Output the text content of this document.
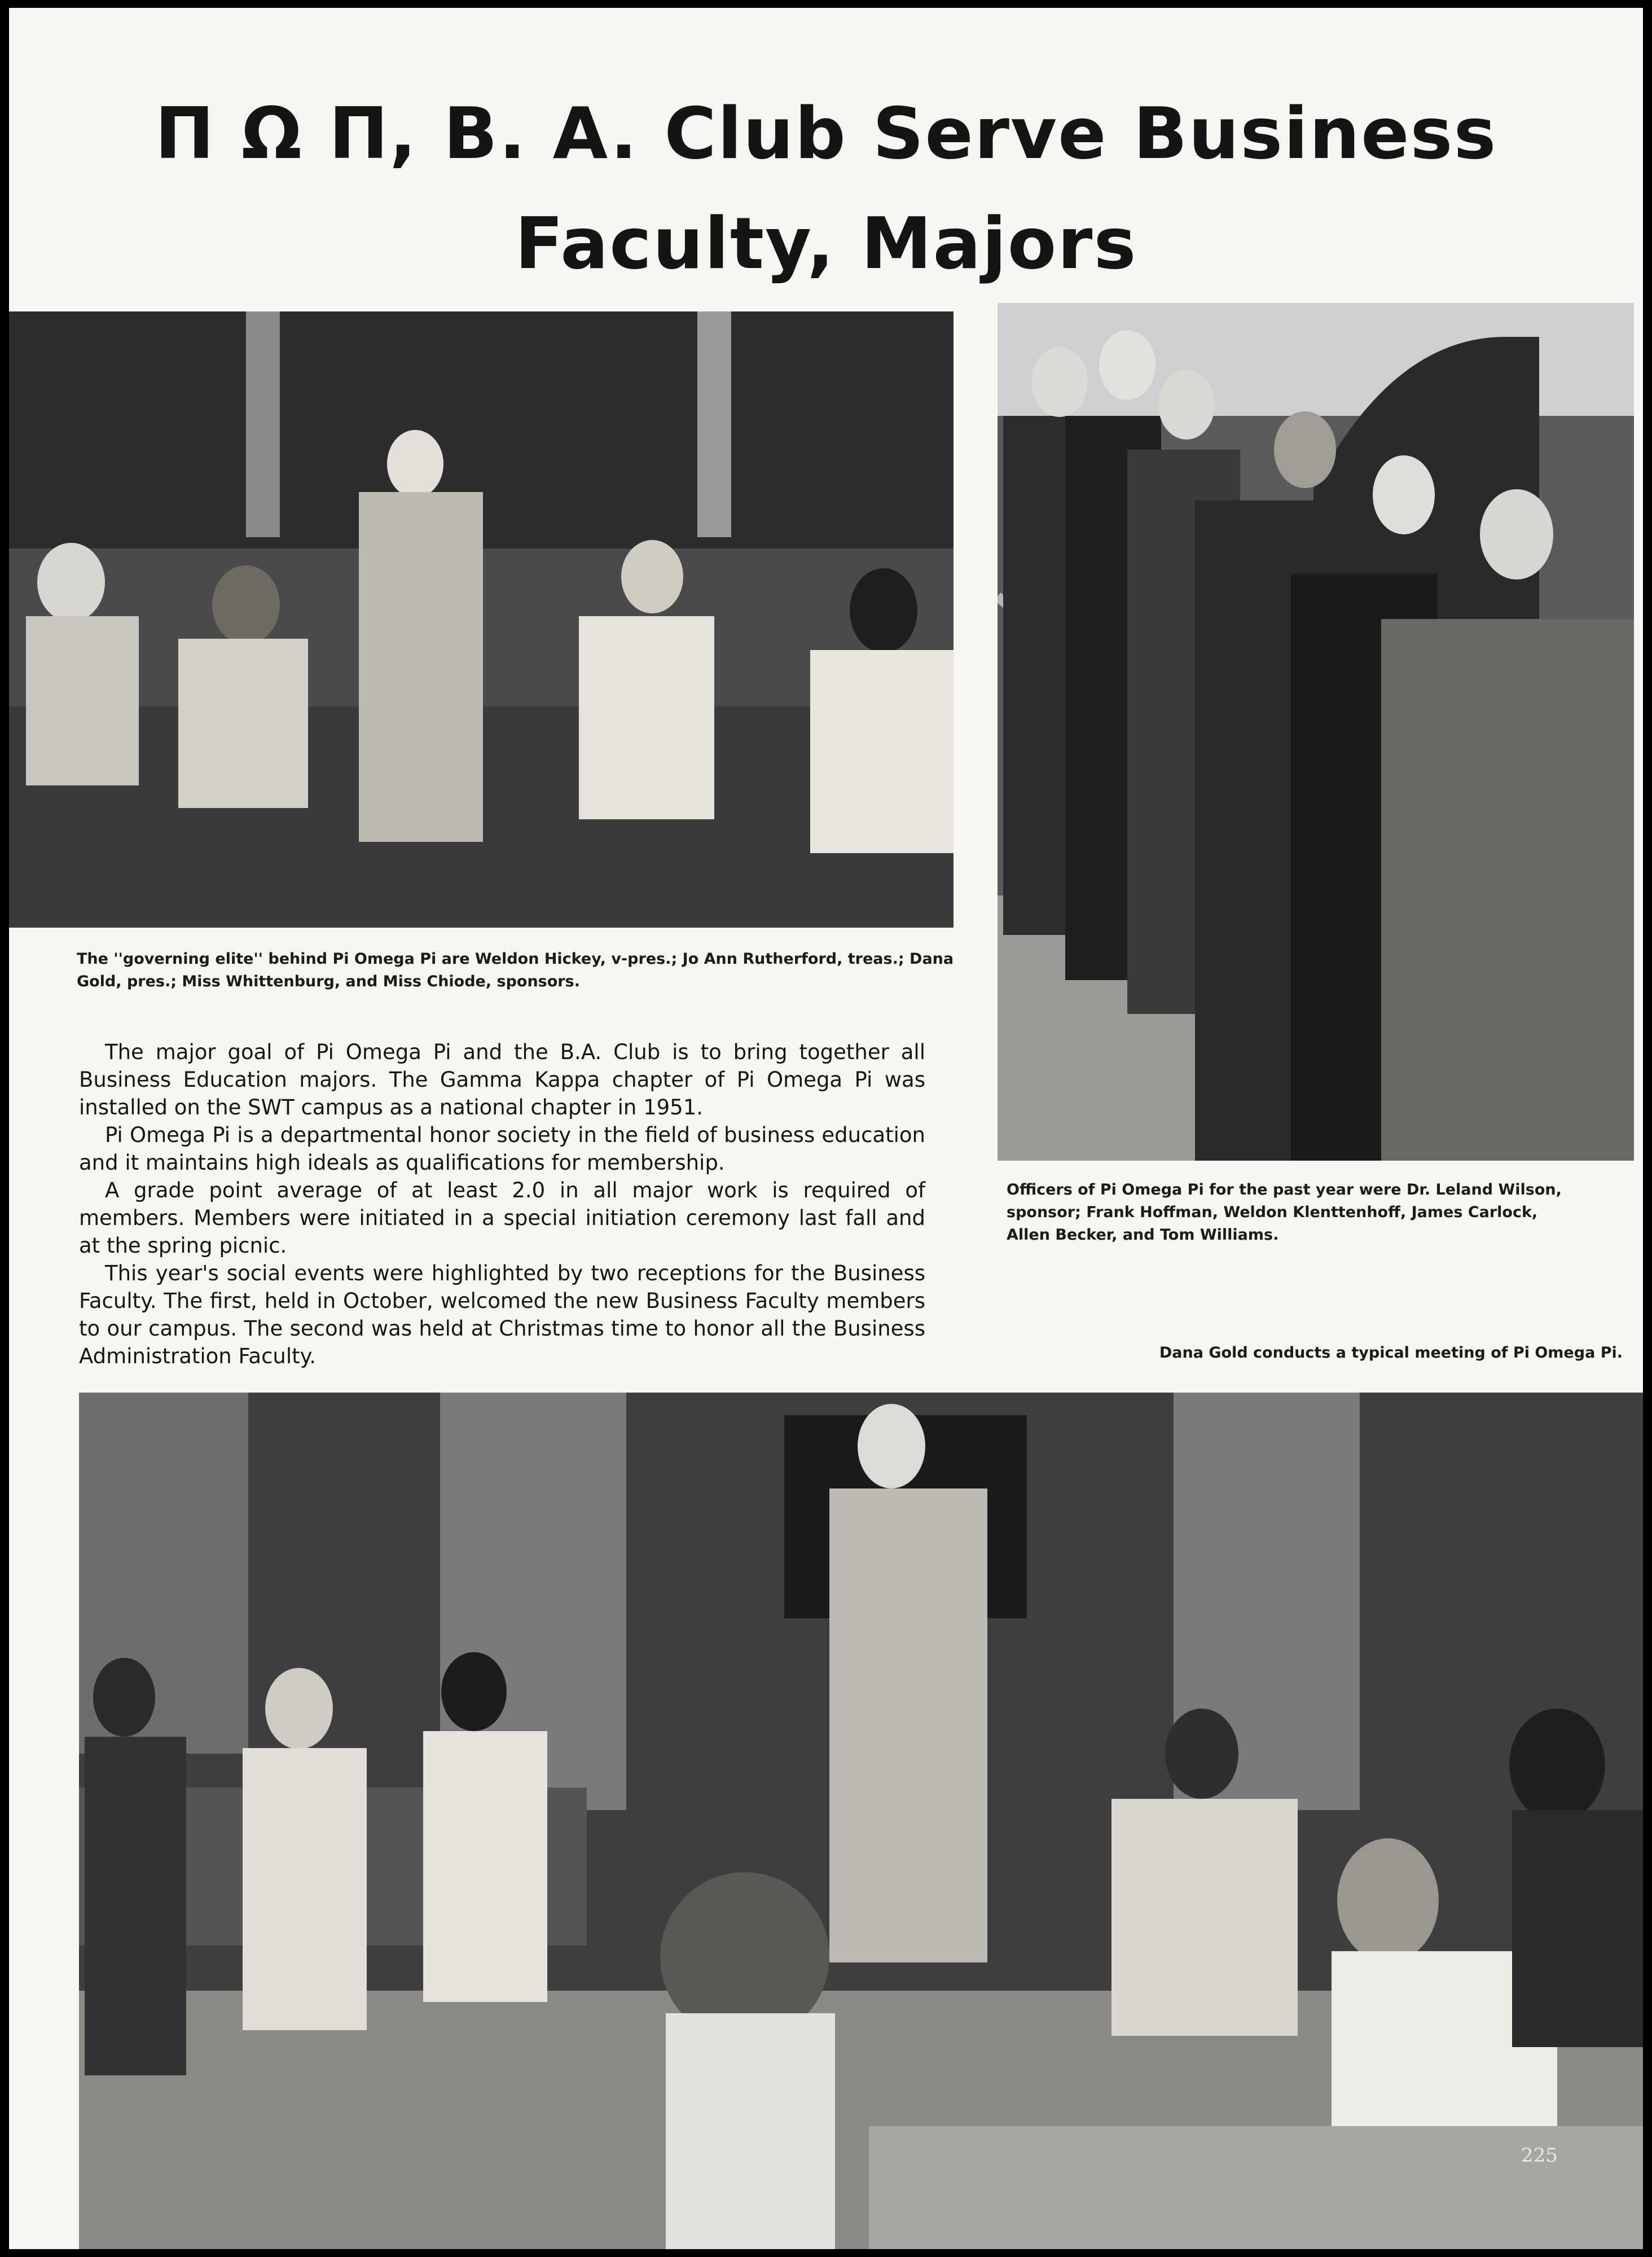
Π Ω Π, B. A. Club Serve Business
Faculty, Majors
The ''governing elite'' behind Pi Omega Pi are Weldon Hickey, v-pres.; Jo Ann Rutherford, treas.; Dana Gold, pres.; Miss Whittenburg, and Miss Chiode, sponsors.

The major goal of Pi Omega Pi and the B.A. Club is to bring together all Business Education majors. The Gamma Kappa chapter of Pi Omega Pi was installed on the SWT campus as a national chapter in 1951.

Pi Omega Pi is a departmental honor society in the field of business education and it maintains high ideals as qualifications for membership.

A grade point average of at least 2.0 in all major work is required of members. Members were initiated in a special initiation ceremony last fall and at the spring picnic.

This year's social events were highlighted by two receptions for the Business Faculty. The first, held in October, welcomed the new Business Faculty members to our campus. The second was held at Christmas time to honor all the Business Administration Faculty.

Officers of Pi Omega Pi for the past year were Dr. Leland Wilson, sponsor; Frank Hoffman, Weldon Klenttenhoff, James Carlock, Allen Becker, and Tom Williams.
Dana Gold conducts a typical meeting of Pi Omega Pi.
225
